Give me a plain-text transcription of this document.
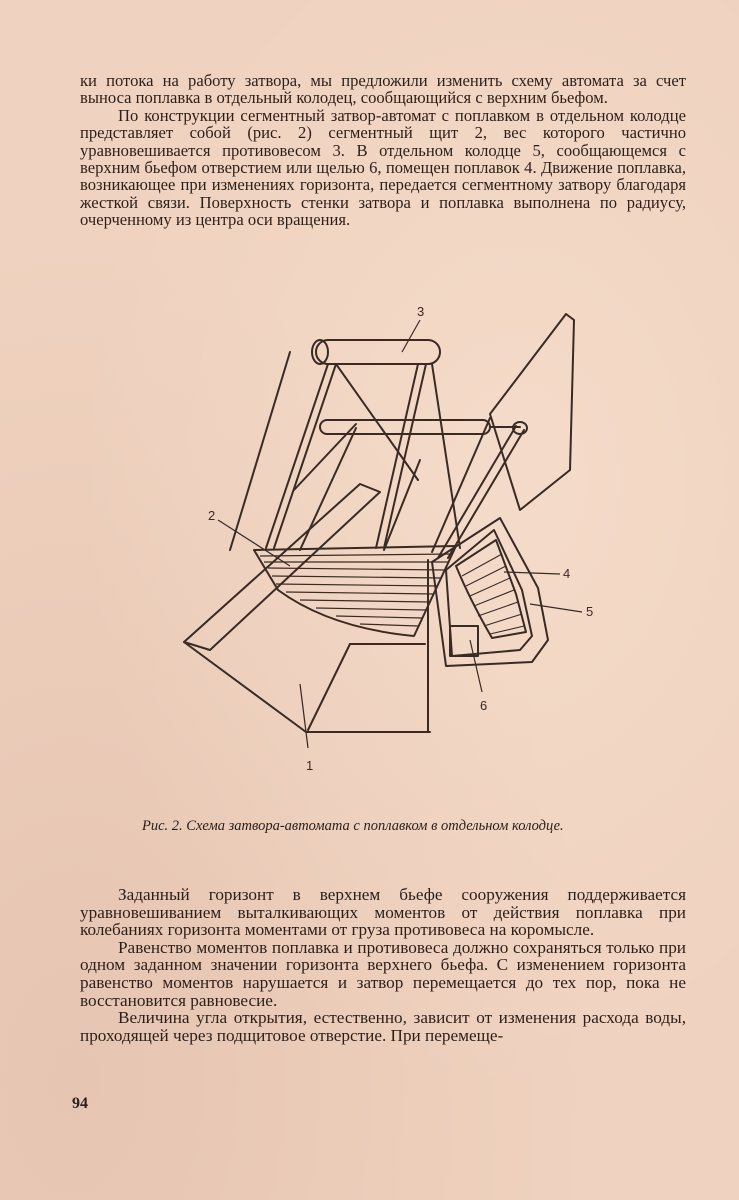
ки потока на работу затвора, мы предложили изменить схему автомата за счет выноса поплавка в отдельный колодец, сообщающийся с верхним бьефом.

По конструкции сегментный затвор-автомат с поплавком в отдельном колодце представляет собой (рис. 2) сегментный щит 2, вес которого частично уравновешивается противовесом 3. В отдельном колодце 5, сообщающемся с верхним бьефом отверстием или щелью 6, помещен поплавок 4. Движение поплавка, возникающее при изменениях горизонта, передается сегментному затвору благодаря жесткой связи. Поверхность стенки затвора и поплавка выполнена по радиусу, очерченному из центра оси вращения.

3
2
4
5
6
1
Рис. 2. Схема затвора-автомата с поплавком в отдельном колодце.

Заданный горизонт в верхнем бьефе сооружения поддерживается уравновешиванием выталкивающих моментов от действия поплавка при колебаниях горизонта моментами от груза противовеса на коромысле.

Равенство моментов поплавка и противовеса должно сохраняться только при одном заданном значении горизонта верхнего бьефа. С изменением горизонта равенство моментов нарушается и затвор перемещается до тех пор, пока не восстановится равновесие.

Величина угла открытия, естественно, зависит от изменения расхода воды, проходящей через подщитовое отверстие. При перемеще-

94
